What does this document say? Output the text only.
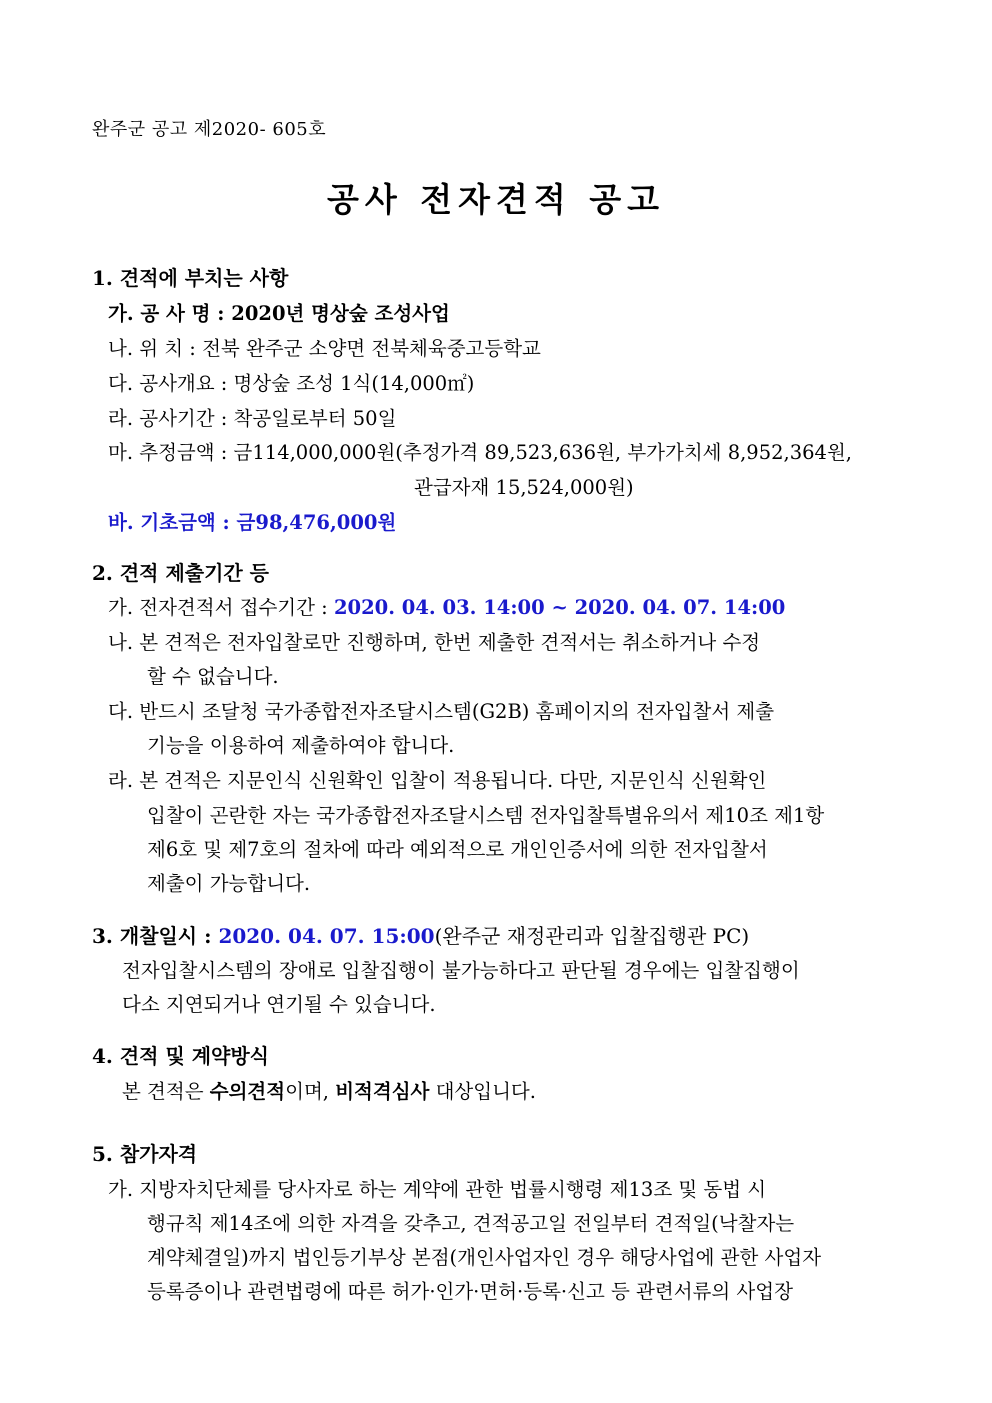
완주군 공고 제2020- 605호
공사 전자견적 공고
1. 견적에 부치는 사항
가. 공 사 명 : 2020년 명상숲 조성사업
나. 위 치 : 전북 완주군 소양면 전북체육중고등학교
다. 공사개요 : 명상숲 조성 1식(14,000㎡)
라. 공사기간 : 착공일로부터 50일
마. 추정금액 : 금114,000,000원(추정가격 89,523,636원, 부가가치세 8,952,364원,
관급자재 15,524,000원)
바. 기초금액 : 금98,476,000원
2. 견적 제출기간 등
가. 전자견적서 접수기간 : 2020. 04. 03. 14:00 ~ 2020. 04. 07. 14:00
나. 본 견적은 전자입찰로만 진행하며, 한번 제출한 견적서는 취소하거나 수정
할 수 없습니다.
다. 반드시 조달청 국가종합전자조달시스템(G2B) 홈페이지의 전자입찰서 제출
기능을 이용하여 제출하여야 합니다.
라. 본 견적은 지문인식 신원확인 입찰이 적용됩니다. 다만, 지문인식 신원확인
입찰이 곤란한 자는 국가종합전자조달시스템 전자입찰특별유의서 제10조 제1항
제6호 및 제7호의 절차에 따라 예외적으로 개인인증서에 의한 전자입찰서
제출이 가능합니다.
3. 개찰일시 : 2020. 04. 07. 15:00(완주군 재정관리과 입찰집행관 PC)
전자입찰시스템의 장애로 입찰집행이 불가능하다고 판단될 경우에는 입찰집행이
다소 지연되거나 연기될 수 있습니다.
4. 견적 및 계약방식
본 견적은 수의견적이며, 비적격심사 대상입니다.
5. 참가자격
가. 지방자치단체를 당사자로 하는 계약에 관한 법률시행령 제13조 및 동법 시
행규칙 제14조에 의한 자격을 갖추고, 견적공고일 전일부터 견적일(낙찰자는
계약체결일)까지 법인등기부상 본점(개인사업자인 경우 해당사업에 관한 사업자
등록증이나 관련법령에 따른 허가·인가·면허·등록·신고 등 관련서류의 사업장
